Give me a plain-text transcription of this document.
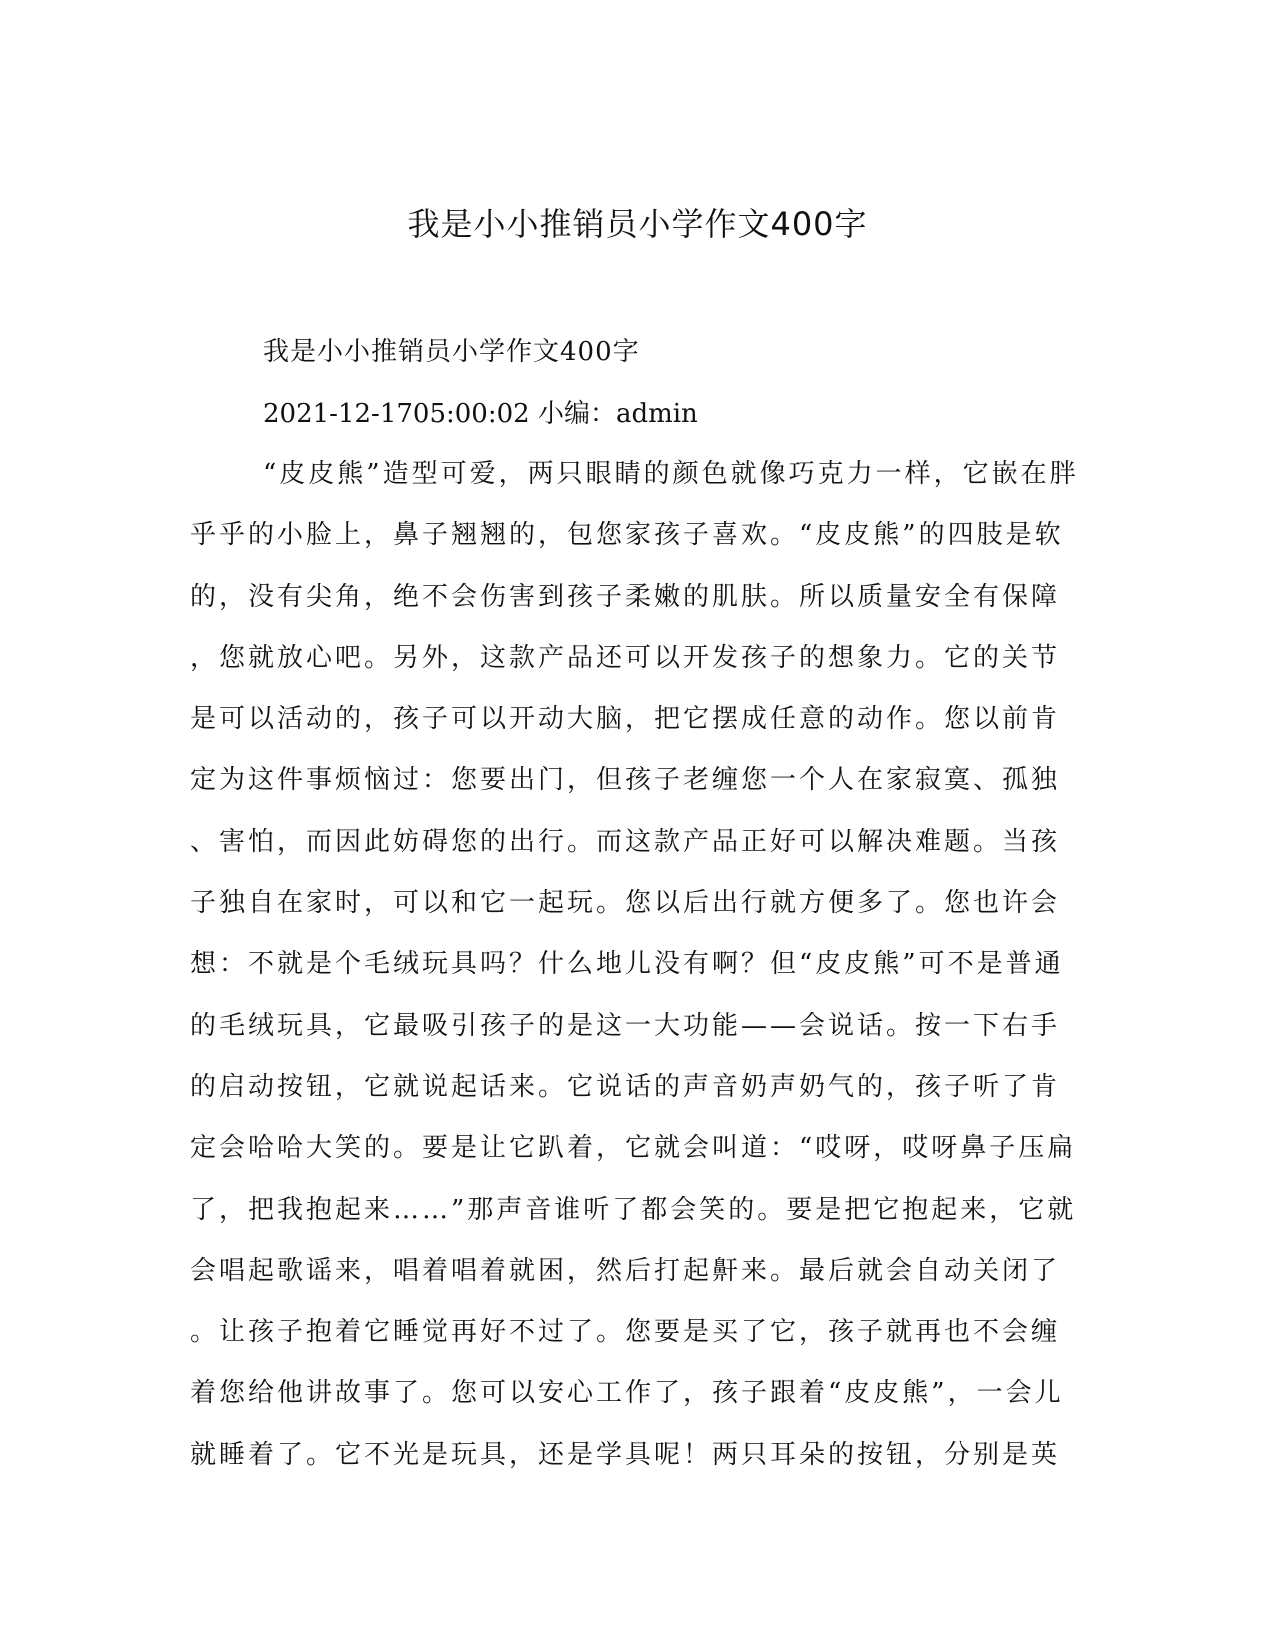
我是小小推销员小学作文400字

我是小小推销员小学作文400字

2021-12-1705:00:02 小编：admin

“皮皮熊”造型可爱，两只眼睛的颜色就像巧克力一样，它嵌在胖
乎乎的小脸上，鼻子翘翘的，包您家孩子喜欢。“皮皮熊”的四肢是软
的，没有尖角，绝不会伤害到孩子柔嫩的肌肤。所以质量安全有保障
，您就放心吧。另外，这款产品还可以开发孩子的想象力。它的关节
是可以活动的，孩子可以开动大脑，把它摆成任意的动作。您以前肯
定为这件事烦恼过：您要出门，但孩子老缠您一个人在家寂寞、孤独
、害怕，而因此妨碍您的出行。而这款产品正好可以解决难题。当孩
子独自在家时，可以和它一起玩。您以后出行就方便多了。您也许会
想：不就是个毛绒玩具吗？什么地儿没有啊？但“皮皮熊”可不是普通
的毛绒玩具，它最吸引孩子的是这一大功能——会说话。按一下右手
的启动按钮，它就说起话来。它说话的声音奶声奶气的，孩子听了肯
定会哈哈大笑的。要是让它趴着，它就会叫道：“哎呀，哎呀鼻子压扁
了，把我抱起来……”那声音谁听了都会笑的。要是把它抱起来，它就
会唱起歌谣来，唱着唱着就困，然后打起鼾来。最后就会自动关闭了
。让孩子抱着它睡觉再好不过了。您要是买了它，孩子就再也不会缠
着您给他讲故事了。您可以安心工作了，孩子跟着“皮皮熊”，一会儿
就睡着了。它不光是玩具，还是学具呢！两只耳朵的按钮，分别是英
